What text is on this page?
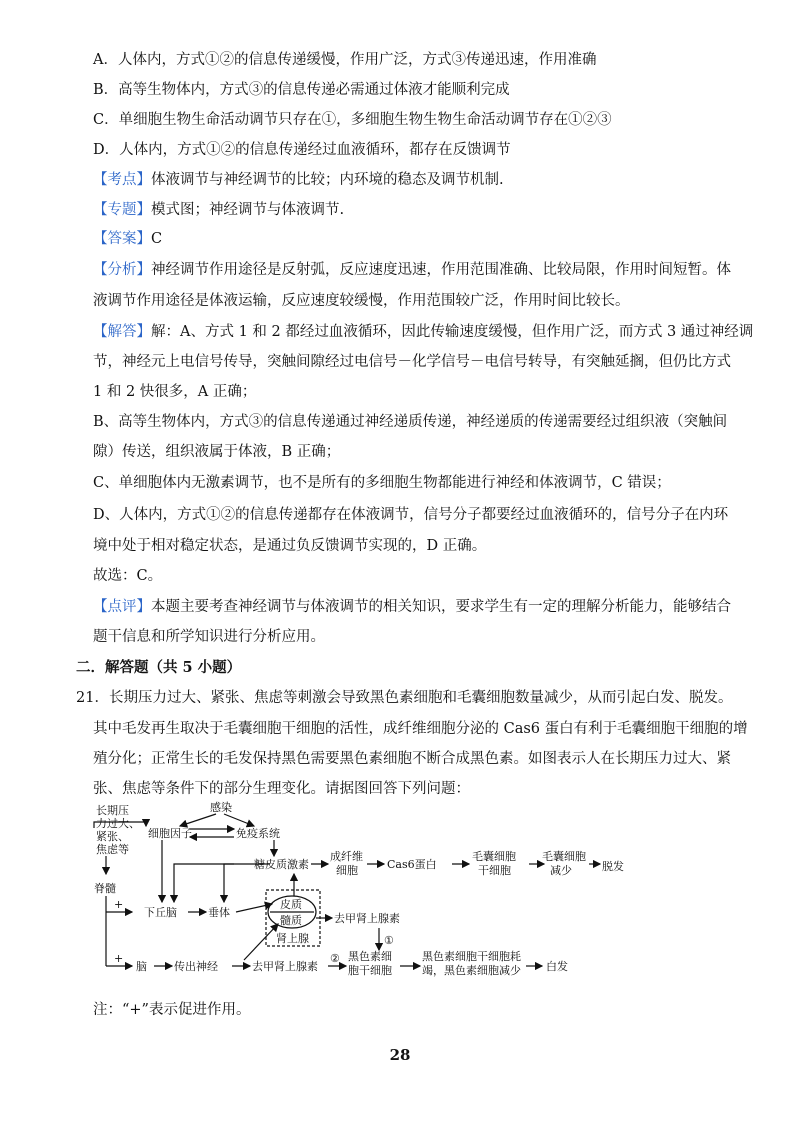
A．人体内，方式①②的信息传递缓慢，作用广泛，方式③传递迅速，作用准确
B．高等生物体内，方式③的信息传递必需通过体液才能顺利完成
C．单细胞生物生命活动调节只存在①，多细胞生物生物生命活动调节存在①②③
D．人体内，方式①②的信息传递经过血液循环，都存在反馈调节
【考点】体液调节与神经调节的比较；内环境的稳态及调节机制.
【专题】模式图；神经调节与体液调节.
【答案】C
【分析】神经调节作用途径是反射弧，反应速度迅速，作用范围准确、比较局限，作用时间短暂。体
液调节作用途径是体液运输，反应速度较缓慢，作用范围较广泛，作用时间比较长。
【解答】解：A、方式 1 和 2 都经过血液循环，因此传输速度缓慢，但作用广泛，而方式 3 通过神经调
节，神经元上电信号传导，突触间隙经过电信号－化学信号－电信号转导，有突触延搁，但仍比方式
1 和 2 快很多，A 正确；
B、高等生物体内，方式③的信息传递通过神经递质传递，神经递质的传递需要经过组织液（突触间
隙）传送，组织液属于体液，B 正确；
C、单细胞体内无激素调节，也不是所有的多细胞生物都能进行神经和体液调节，C 错误；
D、人体内，方式①②的信息传递都存在体液调节，信号分子都要经过血液循环的，信号分子在内环
境中处于相对稳定状态，是通过负反馈调节实现的，D 正确。
故选：C。
【点评】本题主要考查神经调节与体液调节的相关知识，要求学生有一定的理解分析能力，能够结合
题干信息和所学知识进行分析应用。
二．解答题（共 5 小题）
21．长期压力过大、紧张、焦虑等刺激会导致黑色素细胞和毛囊细胞数量减少，从而引起白发、脱发。
其中毛发再生取决于毛囊细胞干细胞的活性，成纤维细胞分泌的 Cas6 蛋白有利于毛囊细胞干细胞的增
殖分化；正常生长的毛发保持黑色需要黑色素细胞不断合成黑色素。如图表示人在长期压力过大、紧
张、焦虑等条件下的部分生理变化。请据图回答下列问题：
长期压
力过大、
紧张、
焦虑等
感染
细胞因子	免疫系统
糖皮质激素
成纤维
细胞	Cas6蛋白
毛囊细胞
干细胞
毛囊细胞
减少
脊髓
+
+
下丘脑	垂体
皮质
髓质
肾上腺
去甲肾上腺素
①
脑 传出神经	去甲肾上腺素
② 黑色素细
胞干细胞
黑色素细胞干细胞耗
竭，黑色素细胞减少 白发
脱发
注：“+”表示促进作用。
28
